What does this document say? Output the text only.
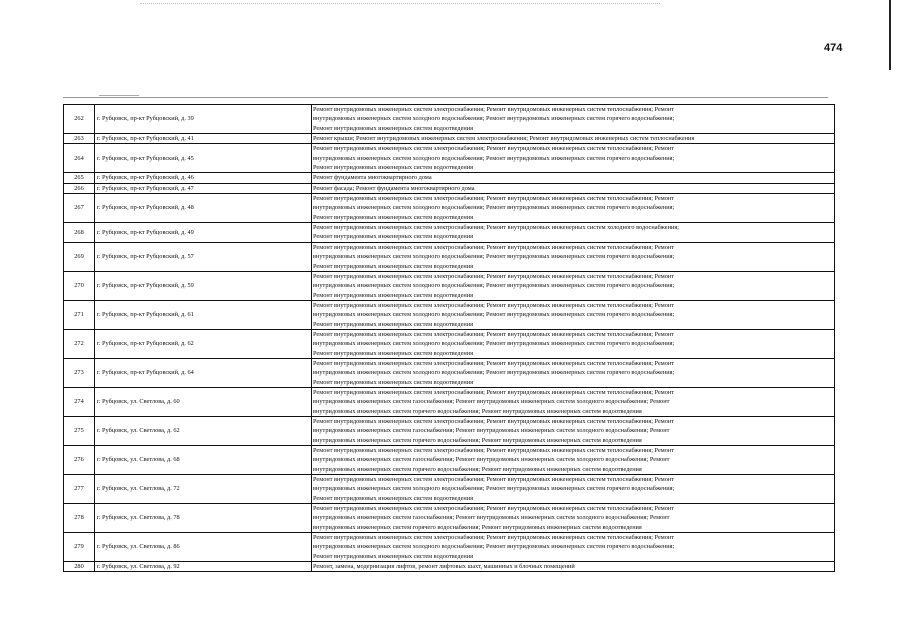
474
262	г. Рубцовск, пр-кт Рубцовский, д. 39	Ремонт внутридомовых инженерных систем электроснабжения; Ремонт внутридомовых инженерных систем теплоснабжения; Ремонт
внутридомовых инженерных систем холодного водоснабжения; Ремонт внутридомовых инженерных систем горячего водоснабжения;
Ремонт внутридомовых инженерных систем водоотведения
263	г. Рубцовск, пр-кт Рубцовский, д. 41	Ремонт крыши; Ремонт внутридомовых инженерных систем электроснабжения; Ремонт внутридомовых инженерных систем теплоснабжения
264	г. Рубцовск, пр-кт Рубцовский, д. 45	Ремонт внутридомовых инженерных систем электроснабжения; Ремонт внутридомовых инженерных систем теплоснабжения; Ремонт
внутридомовых инженерных систем холодного водоснабжения; Ремонт внутридомовых инженерных систем горячего водоснабжения;
Ремонт внутридомовых инженерных систем водоотведения
265	г. Рубцовск, пр-кт Рубцовский, д. 46	Ремонт фундамента многоквартирного дома
266	г. Рубцовск, пр-кт Рубцовский, д. 47	Ремонт фасада; Ремонт фундамента многоквартирного дома
267	г. Рубцовск, пр-кт Рубцовский, д. 48	Ремонт внутридомовых инженерных систем электроснабжения; Ремонт внутридомовых инженерных систем теплоснабжения; Ремонт
внутридомовых инженерных систем холодного водоснабжения; Ремонт внутридомовых инженерных систем горячего водоснабжения;
Ремонт внутридомовых инженерных систем водоотведения
268	г. Рубцовск, пр-кт Рубцовский, д. 49	Ремонт внутридомовых инженерных систем электроснабжения; Ремонт внутридомовых инженерных систем холодного водоснабжения;
Ремонт внутридомовых инженерных систем водоотведения
269	г. Рубцовск, пр-кт Рубцовский, д. 57	Ремонт внутридомовых инженерных систем электроснабжения; Ремонт внутридомовых инженерных систем теплоснабжения; Ремонт
внутридомовых инженерных систем холодного водоснабжения; Ремонт внутридомовых инженерных систем горячего водоснабжения;
Ремонт внутридомовых инженерных систем водоотведения
270	г. Рубцовск, пр-кт Рубцовский, д. 59	Ремонт внутридомовых инженерных систем электроснабжения; Ремонт внутридомовых инженерных систем теплоснабжения; Ремонт
внутридомовых инженерных систем холодного водоснабжения; Ремонт внутридомовых инженерных систем горячего водоснабжения;
Ремонт внутридомовых инженерных систем водоотведения
271	г. Рубцовск, пр-кт Рубцовский, д. 61	Ремонт внутридомовых инженерных систем электроснабжения; Ремонт внутридомовых инженерных систем теплоснабжения; Ремонт
внутридомовых инженерных систем холодного водоснабжения; Ремонт внутридомовых инженерных систем горячего водоснабжения;
Ремонт внутридомовых инженерных систем водоотведения
272	г. Рубцовск, пр-кт Рубцовский, д. 62	Ремонт внутридомовых инженерных систем электроснабжения; Ремонт внутридомовых инженерных систем теплоснабжения; Ремонт
внутридомовых инженерных систем холодного водоснабжения; Ремонт внутридомовых инженерных систем горячего водоснабжения;
Ремонт внутридомовых инженерных систем водоотведения
273	г. Рубцовск, пр-кт Рубцовский, д. 64	Ремонт внутридомовых инженерных систем электроснабжения; Ремонт внутридомовых инженерных систем теплоснабжения; Ремонт
внутридомовых инженерных систем холодного водоснабжения; Ремонт внутридомовых инженерных систем горячего водоснабжения;
Ремонт внутридомовых инженерных систем водоотведения
274	г. Рубцовск, ул. Светлова, д. 60	Ремонт внутридомовых инженерных систем электроснабжения; Ремонт внутридомовых инженерных систем теплоснабжения; Ремонт
внутридомовых инженерных систем газоснабжения; Ремонт внутридомовых инженерных систем холодного водоснабжения; Ремонт
внутридомовых инженерных систем горячего водоснабжения; Ремонт внутридомовых инженерных систем водоотведения
275	г. Рубцовск, ул. Светлова, д. 62	Ремонт внутридомовых инженерных систем электроснабжения; Ремонт внутридомовых инженерных систем теплоснабжения; Ремонт
внутридомовых инженерных систем газоснабжения; Ремонт внутридомовых инженерных систем холодного водоснабжения; Ремонт
внутридомовых инженерных систем горячего водоснабжения; Ремонт внутридомовых инженерных систем водоотведения
276	г. Рубцовск, ул. Светлова, д. 68	Ремонт внутридомовых инженерных систем электроснабжения; Ремонт внутридомовых инженерных систем теплоснабжения; Ремонт
внутридомовых инженерных систем газоснабжения; Ремонт внутридомовых инженерных систем холодного водоснабжения; Ремонт
внутридомовых инженерных систем горячего водоснабжения; Ремонт внутридомовых инженерных систем водоотведения
277	г. Рубцовск, ул. Светлова, д. 72	Ремонт внутридомовых инженерных систем электроснабжения; Ремонт внутридомовых инженерных систем теплоснабжения; Ремонт
внутридомовых инженерных систем холодного водоснабжения; Ремонт внутридомовых инженерных систем горячего водоснабжения;
Ремонт внутридомовых инженерных систем водоотведения
278	г. Рубцовск, ул. Светлова, д. 78	Ремонт внутридомовых инженерных систем электроснабжения; Ремонт внутридомовых инженерных систем теплоснабжения; Ремонт
внутридомовых инженерных систем газоснабжения; Ремонт внутридомовых инженерных систем холодного водоснабжения; Ремонт
внутридомовых инженерных систем горячего водоснабжения; Ремонт внутридомовых инженерных систем водоотведения
279	г. Рубцовск, ул. Светлова, д. 86	Ремонт внутридомовых инженерных систем электроснабжения; Ремонт внутридомовых инженерных систем теплоснабжения; Ремонт
внутридомовых инженерных систем холодного водоснабжения; Ремонт внутридомовых инженерных систем горячего водоснабжения;
Ремонт внутридомовых инженерных систем водоотведения
280	г. Рубцовск, ул. Светлова, д. 92	Ремонт, замена, модернизация лифтов, ремонт лифтовых шахт, машинных и блочных помещений
